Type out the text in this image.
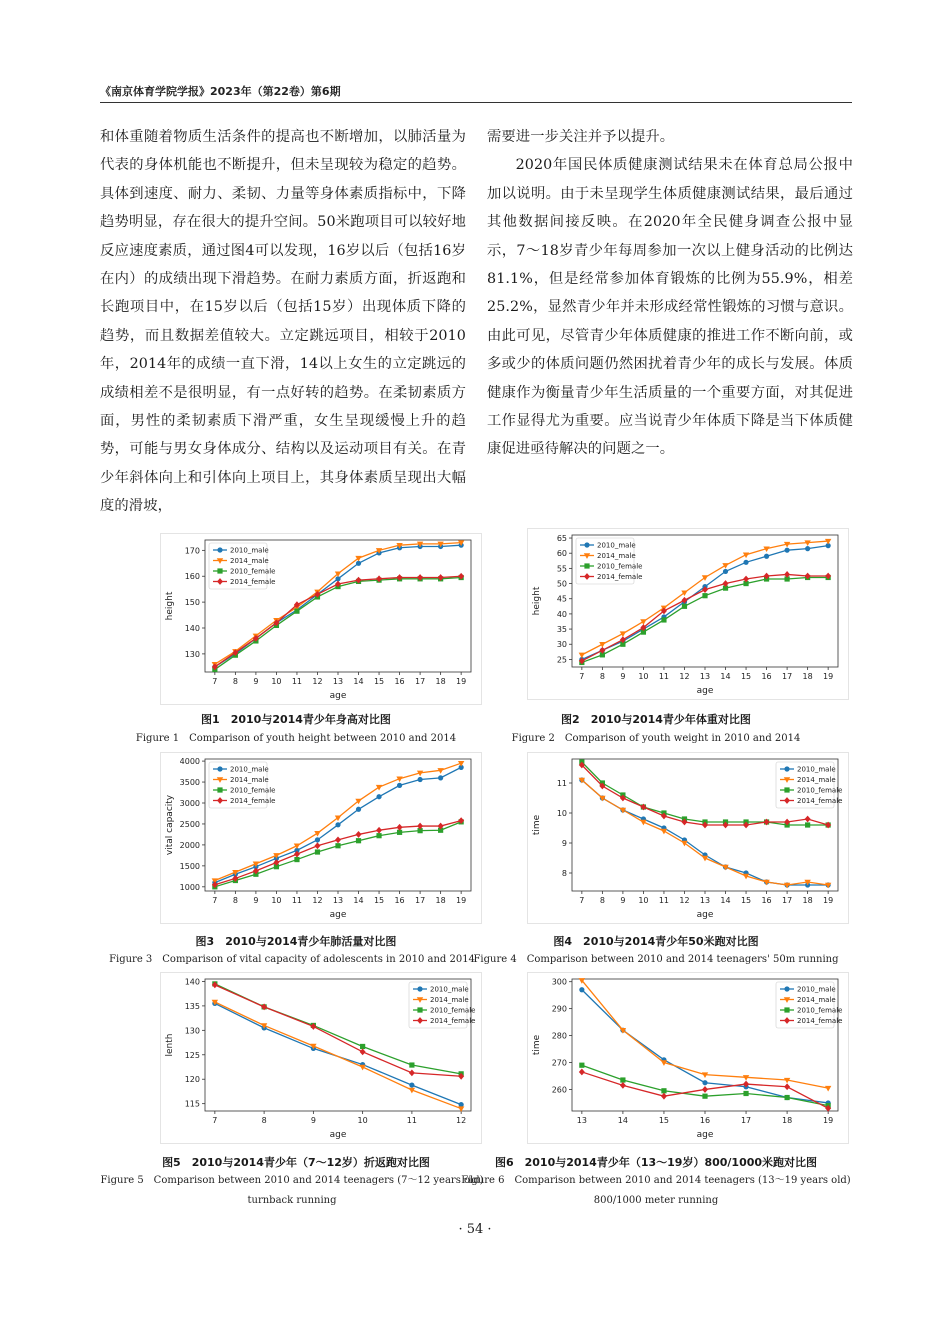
《南京体育学院学报》2023年（第22卷）第6期

和体重随着物质生活条件的提高也不断增加，以肺活量为代表的身体机能也不断提升，但未呈现较为稳定的趋势。具体到速度、耐力、柔韧、力量等身体素质指标中，下降趋势明显，存在很大的提升空间。50米跑项目可以较好地反应速度素质，通过图4可以发现，16岁以后（包括16岁在内）的成绩出现下滑趋势。在耐力素质方面，折返跑和长跑项目中，在15岁以后（包括15岁）出现体质下降的趋势，而且数据差值较大。立定跳远项目，相较于2010年，2014年的成绩一直下滑，14以上女生的立定跳远的成绩相差不是很明显，有一点好转的趋势。在柔韧素质方面，男性的柔韧素质下滑严重，女生呈现缓慢上升的趋势，可能与男女身体成分、结构以及运动项目有关。在青少年斜体向上和引体向上项目上，其身体素质呈现出大幅度的滑坡，

需要进一步关注并予以提升。

2020年国民体质健康测试结果未在体育总局公报中加以说明。由于未呈现学生体质健康测试结果，最后通过其他数据间接反映。在2020年全民健身调查公报中显示，7～18岁青少年每周参加一次以上健身活动的比例达81.1%，但是经常参加体育锻炼的比例为55.9%，相差25.2%，显然青少年并未形成经常性锻炼的习惯与意识。由此可见，尽管青少年体质健康的推进工作不断向前，或多或少的体质问题仍然困扰着青少年的成长与发展。体质健康作为衡量青少年生活质量的一个重要方面，对其促进工作显得尤为重要。应当说青少年体质下降是当下体质健康促进亟待解决的问题之一。

130
140
150
160
170
7 8 9 10 11 12 13 14 15 16 17 18 19
age
height
2010_male
2014_male
2010_female
2014_female
图1　2010与2014青少年身高对比图
Figure 1　Comparison of youth height between 2010 and 2014
25
30
35
40
45
50
55
60
65
7 8 9 10 11 12 13 14 15 16 17 18 19
age
height
2010_male
2014_male
2010_female
2014_female
图2　2010与2014青少年体重对比图
Figure 2　Comparison of youth weight in 2010 and 2014
1000
1500
2000
2500
3000
3500
4000
7 8 9 10 11 12 13 14 15 16 17 18 19
age
vital capacity
2010_male
2014_male
2010_female
2014_female
图3　2010与2014青少年肺活量对比图
Figure 3　Comparison of vital capacity of adolescents in 2010 and 2014
8
9
10
11
7 8 9 10 11 12 13 14 15 16 17 18 19
age
time
2010_male
2014_male
2010_female
2014_female
图4　2010与2014青少年50米跑对比图
Figure 4　Comparison between 2010 and 2014 teenagers' 50m running
115
120
125
130
135
140
7	8	9	10	11	12
age
lenth
2010_male
2014_male
2010_female
2014_female
图5　2010与2014青少年（7～12岁）折返跑对比图
Figure 5　Comparison between 2010 and 2014 teenagers (7～12 years old) turnback running
260
270
280
290
300
13	14	15	16	17	18	19
age
time
2010_male
2014_male
2010_female
2014_female
图6　2010与2014青少年（13～19岁）800/1000米跑对比图
Figure 6　Comparison between 2010 and 2014 teenagers (13～19 years old) 800/1000 meter running
· 54 ·
